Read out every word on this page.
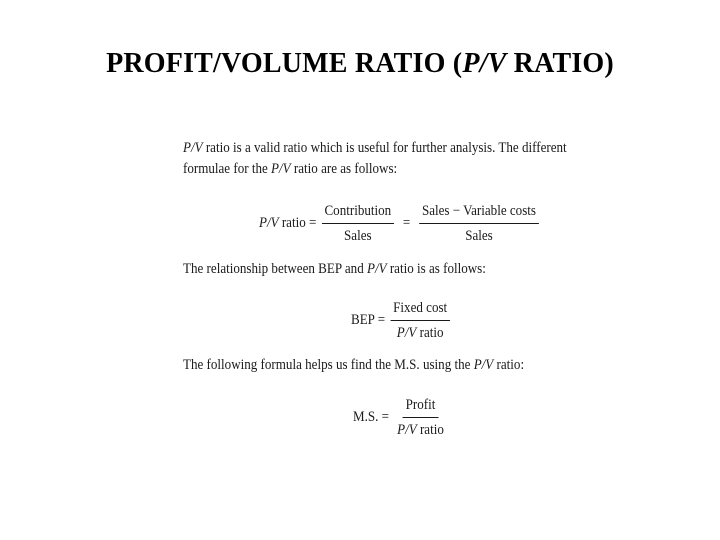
PROFIT/VOLUME RATIO (P/V RATIO)
P/V ratio is a valid ratio which is useful for further analysis. The different
formulae for the P/V ratio are as follows:
P/V ratio = $\frac{\text{Contribution}}{\text{Sales}} = \frac{\text{Sales − Variable costs}}{\text{Sales}}$
The relationship between BEP and P/V ratio is as follows:
BEP = $\frac{\text{Fixed cost}}{\text{P/V ratio}}$
The following formula helps us find the M.S. using the P/V ratio:
M.S. = $\frac{\text{Profit}}{\text{P/V ratio}}$
